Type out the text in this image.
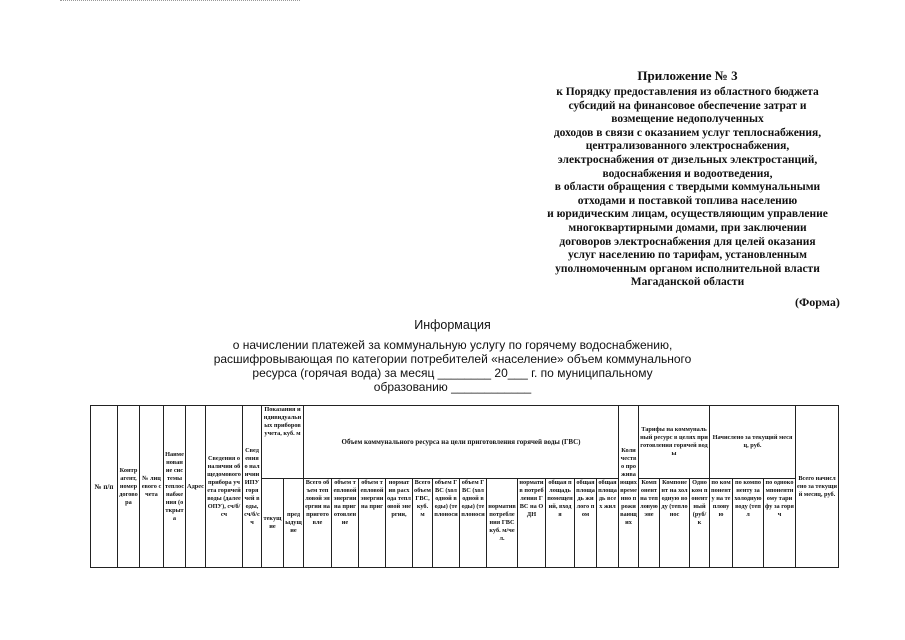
Приложение № 3
к Порядку предоставления из областного бюджета
субсидий на финансовое обеспечение затрат и
возмещение недополученных
доходов в связи с оказанием услуг теплоснабжения,
централизованного электроснабжения,
электроснабжения от дизельных электростанций,
водоснабжения и водоотведения,
в области обращения с твердыми коммунальными
отходами и поставкой топлива населению
и юридическим лицам, осуществляющим управление
многоквартирными домами, при заключении
договоров электроснабжения для целей оказания
услуг населению по тарифам, установленным
уполномоченным органом исполнительной власти
Магаданской области
(Форма)
Информация
о начислении платежей за коммунальную услугу по горячему водоснабжению,
расшифровывающая по категории потребителей «население» объем коммунального
ресурса (горячая вода) за месяц ________ 20___ г. по муниципальному
образованию ____________
№ п/п	Контрагент, номер договора	№ лицевого счета	Наименование системы теплоснабжения (открыта	Адрес	Сведения о наличии общедомового прибора учета горячей воды (далее ОПУ), сч/б/сч	Сведения о наличии ИПУ горячей воды, сч/б/сч	Показания индивидуальных приборов учета, куб. м		Объем коммунального ресурса на цели приготовления горячей воды (ГВС)												Количество проживающих временно проживающих	Тарифы на коммунальный ресурс в целях приготовления горячей воды			Начислено за текущий месяц, руб.			Всего начислено за текущий месяц, руб.
							текущие	предыдущие	Всего объем тепловой энергии на приготовле	объем тепловой энергии на приготовление	объем тепловой энергии на приг	норматив расхода тепловой энергии,	Всего объем ГВС, куб. м	объем ГВС (холодной воды) (теплоноси	объем ГВС (холодной воды) (теплоноси	норматив потребления ГВС куб. м/чел.	норматив потребления ГВС на ОДН	общая площадь помещений, входя	общая площадь жилого пом	общая площадь всех жил		Компонент на тепловую эне	Компонент на холодную воду (теплонос	Одноком понентный (руб/к	по компоненту на тепловую	по компоненту за холодную воду (тепл	по однокомпонентному тарифу за горяч	
